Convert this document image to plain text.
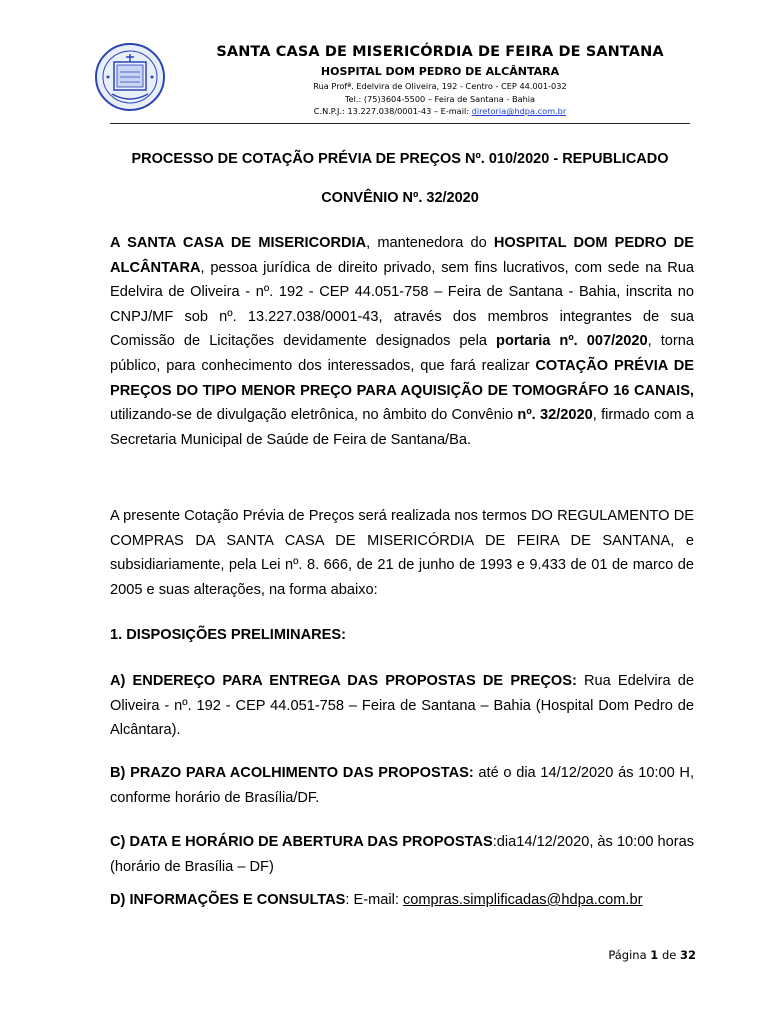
SANTA CASA DE MISERICÓRDIA DE FEIRA DE SANTANA
HOSPITAL DOM PEDRO DE ALCÂNTARA
Rua Profª. Edelvira de Oliveira, 192 - Centro - CEP 44.001-032
Tel.: (75)3604-5500 – Feira de Santana - Bahia
C.N.P.J.: 13.227.038/0001-43 – E-mail: diretoria@hdpa.com.br
PROCESSO DE COTAÇÃO PRÉVIA DE PREÇOS Nº. 010/2020 - REPUBLICADO
CONVÊNIO Nº. 32/2020

A SANTA CASA DE MISERICORDIA, mantenedora do HOSPITAL DOM PEDRO DE ALCÂNTARA, pessoa jurídica de direito privado, sem fins lucrativos, com sede na Rua Edelvira de Oliveira - nº. 192 - CEP 44.051-758 – Feira de Santana - Bahia, inscrita no CNPJ/MF sob nº. 13.227.038/0001-43, através dos membros integrantes de sua Comissão de Licitações devidamente designados pela portaria nº. 007/2020, torna público, para conhecimento dos interessados, que fará realizar COTAÇÃO PRÉVIA DE PREÇOS DO TIPO MENOR PREÇO PARA AQUISIÇÃO DE TOMOGRÁFO 16 CANAIS, utilizando-se de divulgação eletrônica, no âmbito do Convênio nº. 32/2020, firmado com a Secretaria Municipal de Saúde de Feira de Santana/Ba.

A presente Cotação Prévia de Preços será realizada nos termos DO REGULAMENTO DE COMPRAS DA SANTA CASA DE MISERICÓRDIA DE FEIRA DE SANTANA, e subsidiariamente, pela Lei nº. 8. 666, de 21 de junho de 1993 e 9.433 de 01 de marco de 2005 e suas alterações, na forma abaixo:

1. DISPOSIÇÕES PRELIMINARES:

A) ENDEREÇO PARA ENTREGA DAS PROPOSTAS DE PREÇOS: Rua Edelvira de Oliveira - nº. 192 - CEP 44.051-758 – Feira de Santana – Bahia (Hospital Dom Pedro de Alcântara).

B) PRAZO PARA ACOLHIMENTO DAS PROPOSTAS: até o dia 14/12/2020 ás 10:00 H, conforme horário de Brasília/DF.

C) DATA E HORÁRIO DE ABERTURA DAS PROPOSTAS:dia14/12/2020, às 10:00 horas (horário de Brasília – DF)

D) INFORMAÇÕES E CONSULTAS: E-mail: compras.simplificadas@hdpa.com.br
Página 1 de 32
